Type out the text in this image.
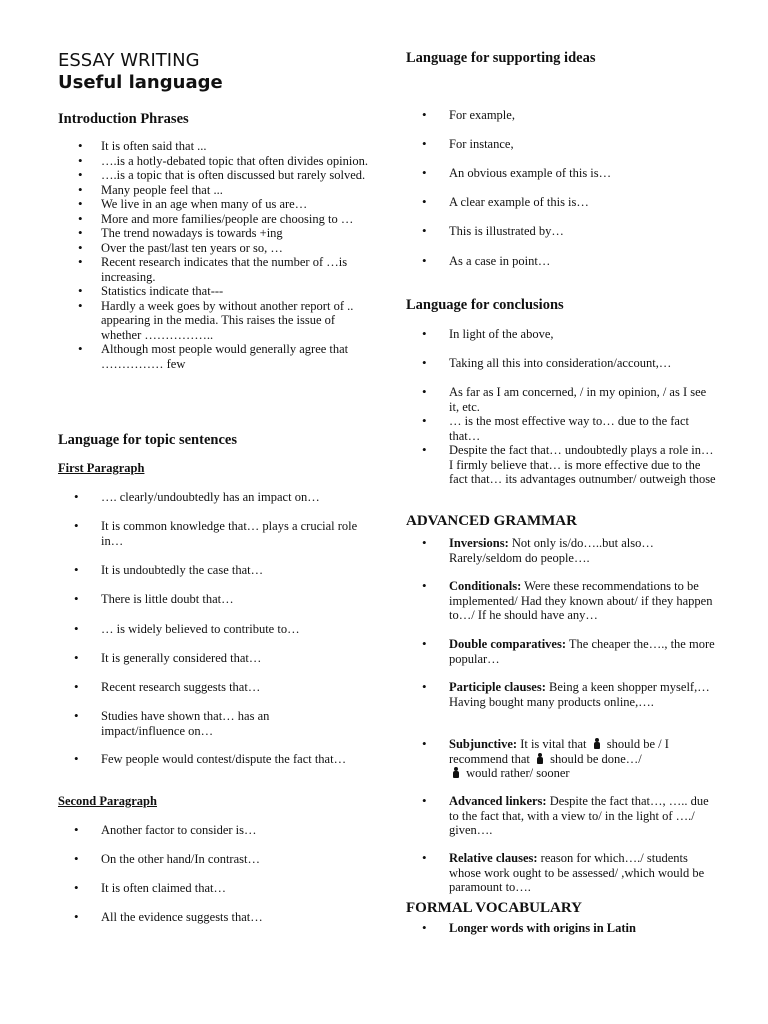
ESSAY WRITING
Useful language
Introduction Phrases
• It is often said that ...
• ….is a hotly-debated topic that often divides opinion.
• ….is a topic that is often discussed but rarely solved.
• Many people feel that ...
• We live in an age when many of us are…
• More and more families/people are choosing to …
• The trend nowadays is towards +ing
• Over the past/last ten years or so, …
• Recent research indicates that the number of …is increasing.
• Statistics indicate that---
• Hardly a week goes by without another report of .. appearing in the media. This raises the issue of whether ……………..
• Although most people would generally agree that …………… few
Language for topic sentences
First Paragraph
• …. clearly/undoubtedly has an impact on…
• It is common knowledge that… plays a crucial role in…
• It is undoubtedly the case that…
• There is little doubt that…
• … is widely believed to contribute to…
• It is generally considered that…
• Recent research suggests that…
• Studies have shown that… has an impact/influence on…
• Few people would contest/dispute the fact that…
Second Paragraph
• Another factor to consider is…
• On the other hand/In contrast…
• It is often claimed that…
• All the evidence suggests that…
Language for supporting ideas
• For example,
• For instance,
• An obvious example of this is…
• A clear example of this is…
• This is illustrated by…
• As a case in point…
Language for conclusions
• In light of the above,
• Taking all this into consideration/account,…
• As far as I am concerned, / in my opinion, / as I see it, etc.
• … is the most effective way to… due to the fact that…
• Despite the fact that… undoubtedly plays a role in… I firmly believe that… is more effective due to the fact that… its advantages outnumber/ outweigh those
ADVANCED GRAMMAR
• Inversions: Not only is/do…..but also… Rarely/seldom do people….
• Conditionals: Were these recommendations to be implemented/ Had they known about/ if they happen to…/ If he should have any…
• Double comparatives: The cheaper the…., the more popular…
• Participle clauses: Being a keen shopper myself,… Having bought many products online,….
• Subjunctive: It is vital that  should be / I recommend that  should be done…/
would rather/ sooner
• Advanced linkers: Despite the fact that…, ….. due to the fact that, with a view to/ in the light of …./ given….
• Relative clauses: reason for which…./ students whose work ought to be assessed/ ,which would be paramount to….
FORMAL VOCABULARY
• Longer words with origins in Latin
